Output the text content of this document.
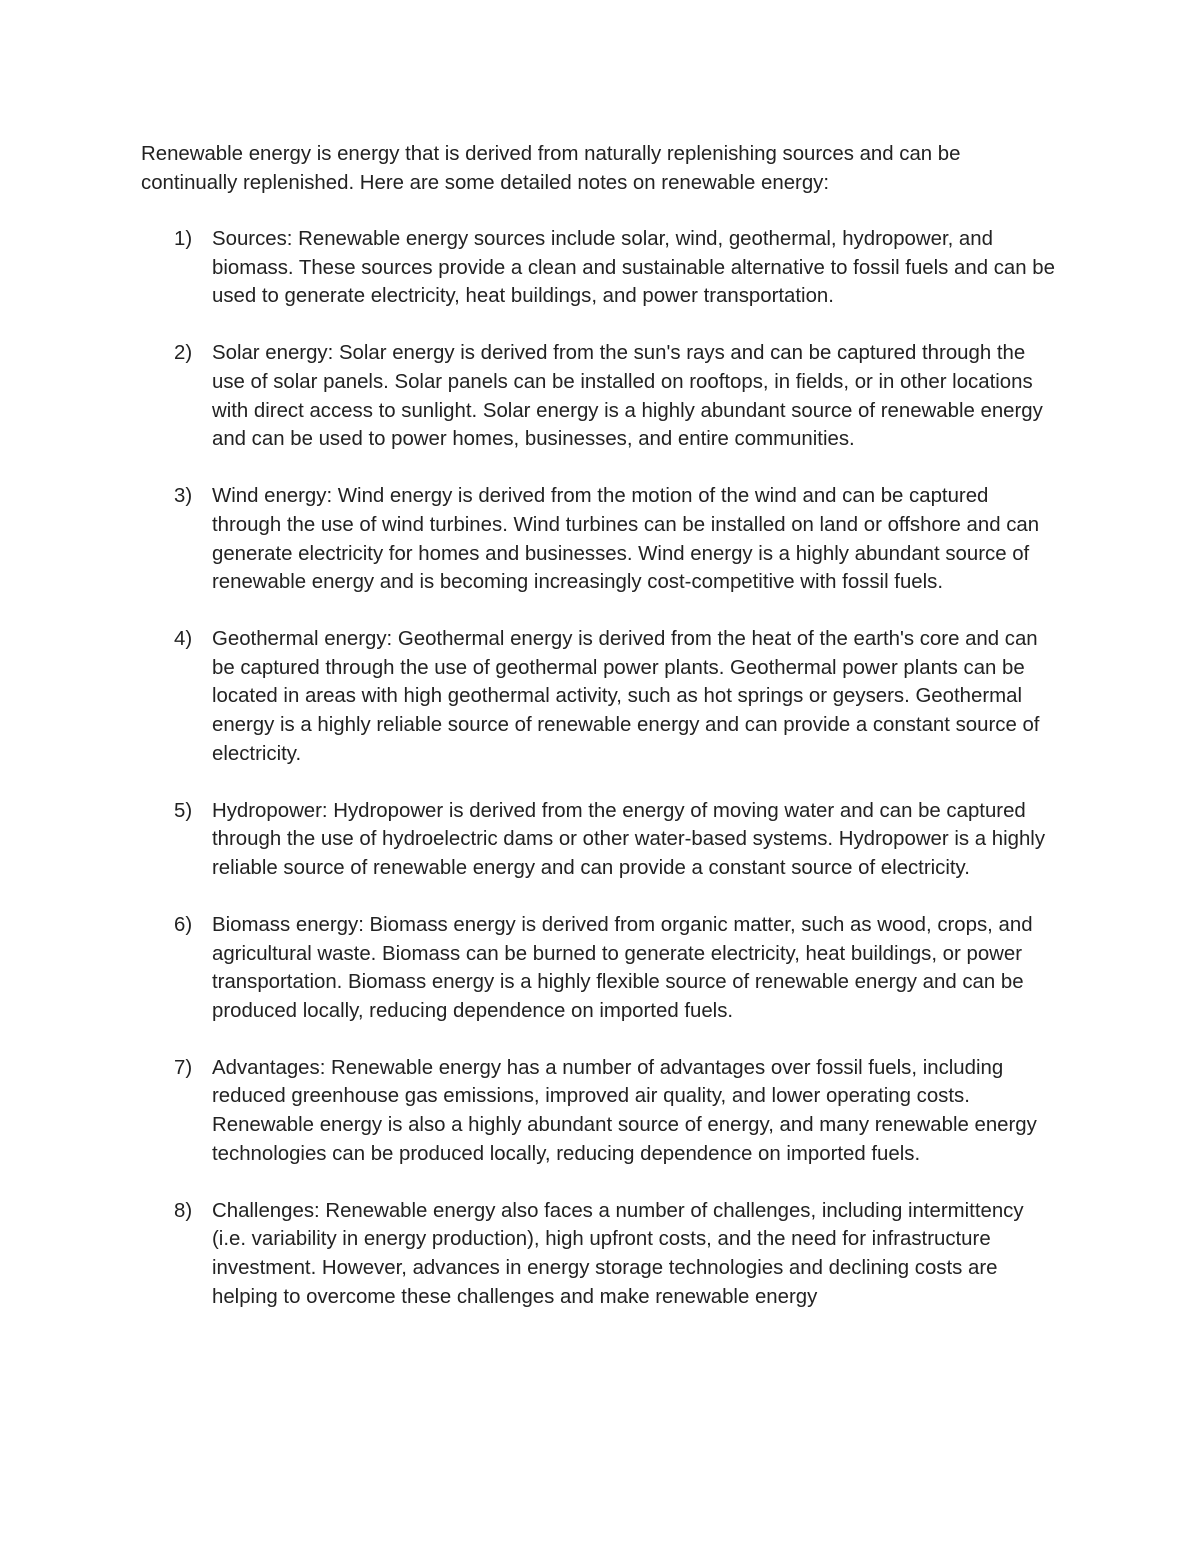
Renewable energy is energy that is derived from naturally replenishing sources and can be continually replenished. Here are some detailed notes on renewable energy:

1) Sources: Renewable energy sources include solar, wind, geothermal, hydropower, and biomass. These sources provide a clean and sustainable alternative to fossil fuels and can be used to generate electricity, heat buildings, and power transportation.
2) Solar energy: Solar energy is derived from the sun's rays and can be captured through the use of solar panels. Solar panels can be installed on rooftops, in fields, or in other locations with direct access to sunlight. Solar energy is a highly abundant source of renewable energy and can be used to power homes, businesses, and entire communities.
3) Wind energy: Wind energy is derived from the motion of the wind and can be captured through the use of wind turbines. Wind turbines can be installed on land or offshore and can generate electricity for homes and businesses. Wind energy is a highly abundant source of renewable energy and is becoming increasingly cost-competitive with fossil fuels.
4) Geothermal energy: Geothermal energy is derived from the heat of the earth's core and can be captured through the use of geothermal power plants. Geothermal power plants can be located in areas with high geothermal activity, such as hot springs or geysers. Geothermal energy is a highly reliable source of renewable energy and can provide a constant source of electricity.
5) Hydropower: Hydropower is derived from the energy of moving water and can be captured through the use of hydroelectric dams or other water-based systems. Hydropower is a highly reliable source of renewable energy and can provide a constant source of electricity.
6) Biomass energy: Biomass energy is derived from organic matter, such as wood, crops, and agricultural waste. Biomass can be burned to generate electricity, heat buildings, or power transportation. Biomass energy is a highly flexible source of renewable energy and can be produced locally, reducing dependence on imported fuels.
7) Advantages: Renewable energy has a number of advantages over fossil fuels, including reduced greenhouse gas emissions, improved air quality, and lower operating costs. Renewable energy is also a highly abundant source of energy, and many renewable energy technologies can be produced locally, reducing dependence on imported fuels.
8) Challenges: Renewable energy also faces a number of challenges, including intermittency (i.e. variability in energy production), high upfront costs, and the need for infrastructure investment. However, advances in energy storage technologies and declining costs are helping to overcome these challenges and make renewable energy
